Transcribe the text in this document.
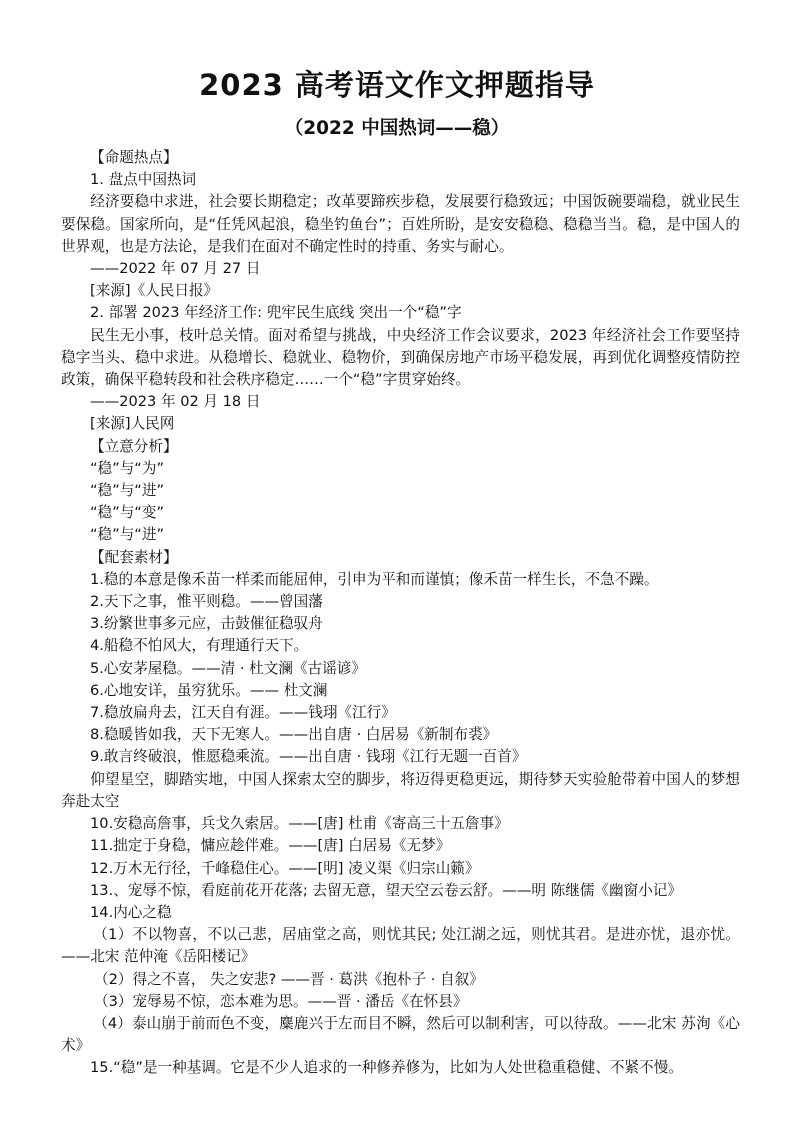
2023 高考语文作文押题指导
（2022 中国热词——稳）
【命题热点】
1. 盘点中国热词
经济要稳中求进，社会要长期稳定；改革要蹄疾步稳，发展要行稳致远；中国饭碗要端稳，就业民生要保稳。国家所向，是“任凭风起浪，稳坐钓鱼台”；百姓所盼，是安安稳稳、稳稳当当。稳，是中国人的世界观，也是方法论，是我们在面对不确定性时的持重、务实与耐心。
——2022 年 07 月 27 日
[来源]《人民日报》
2. 部署 2023 年经济工作: 兜牢民生底线 突出一个“稳”字
民生无小事，枝叶总关情。面对希望与挑战，中央经济工作会议要求，2023 年经济社会工作要坚持稳字当头、稳中求进。从稳增长、稳就业、稳物价，到确保房地产市场平稳发展，再到优化调整疫情防控政策，确保平稳转段和社会秩序稳定……一个“稳”字贯穿始终。
——2023 年 02 月 18 日
[来源]人民网
【立意分析】
“稳”与“为”
“稳”与“进”
“稳”与“变”
“稳”与“进”
【配套素材】
1.稳的本意是像禾苗一样柔而能屈伸，引申为平和而谨慎；像禾苗一样生长，不急不躁。
2.天下之事，惟平则稳。——曾国藩
3.纷繁世事多元应，击鼓催征稳驭舟
4.船稳不怕风大，有理通行天下。
5.心安茅屋稳。——清 · 杜文澜《古谣谚》
6.心地安详，虽穷犹乐。—— 杜文澜
7.稳放扁舟去，江天自有涯。——钱珝《江行》
8.稳暖皆如我，天下无寒人。——出自唐 · 白居易《新制布裘》
9.敢言终破浪，惟愿稳乘流。——出自唐 · 钱珝《江行无题一百首》
仰望星空，脚踏实地，中国人探索太空的脚步，将迈得更稳更远，期待梦天实验舱带着中国人的梦想奔赴太空
10.安稳高詹事，兵戈久索居。——[唐] 杜甫《寄高三十五詹事》
11.拙定于身稳，慵应趁伴难。——[唐] 白居易《无梦》
12.万木无行径，千峰稳住心。——[明] 凌义渠《归宗山籁》
13.、宠辱不惊，看庭前花开花落; 去留无意，望天空云卷云舒。——明 陈继儒《幽窗小记》
14.内心之稳
（1）不以物喜，不以己悲，居庙堂之高，则忧其民; 处江湖之远，则忧其君。是进亦忧，退亦忧。——北宋 范仲淹《岳阳楼记》
（2）得之不喜， 失之安悲? ——晋 · 葛洪《抱朴子 · 自叙》
（3）宠辱易不惊，恋本难为思。——晋 · 潘岳《在怀县》
（4）泰山崩于前而色不变，麋鹿兴于左而目不瞬，然后可以制利害，可以待敌。——北宋 苏洵《心术》
15.“稳”是一种基调。它是不少人追求的一种修养修为，比如为人处世稳重稳健、不紧不慢。
